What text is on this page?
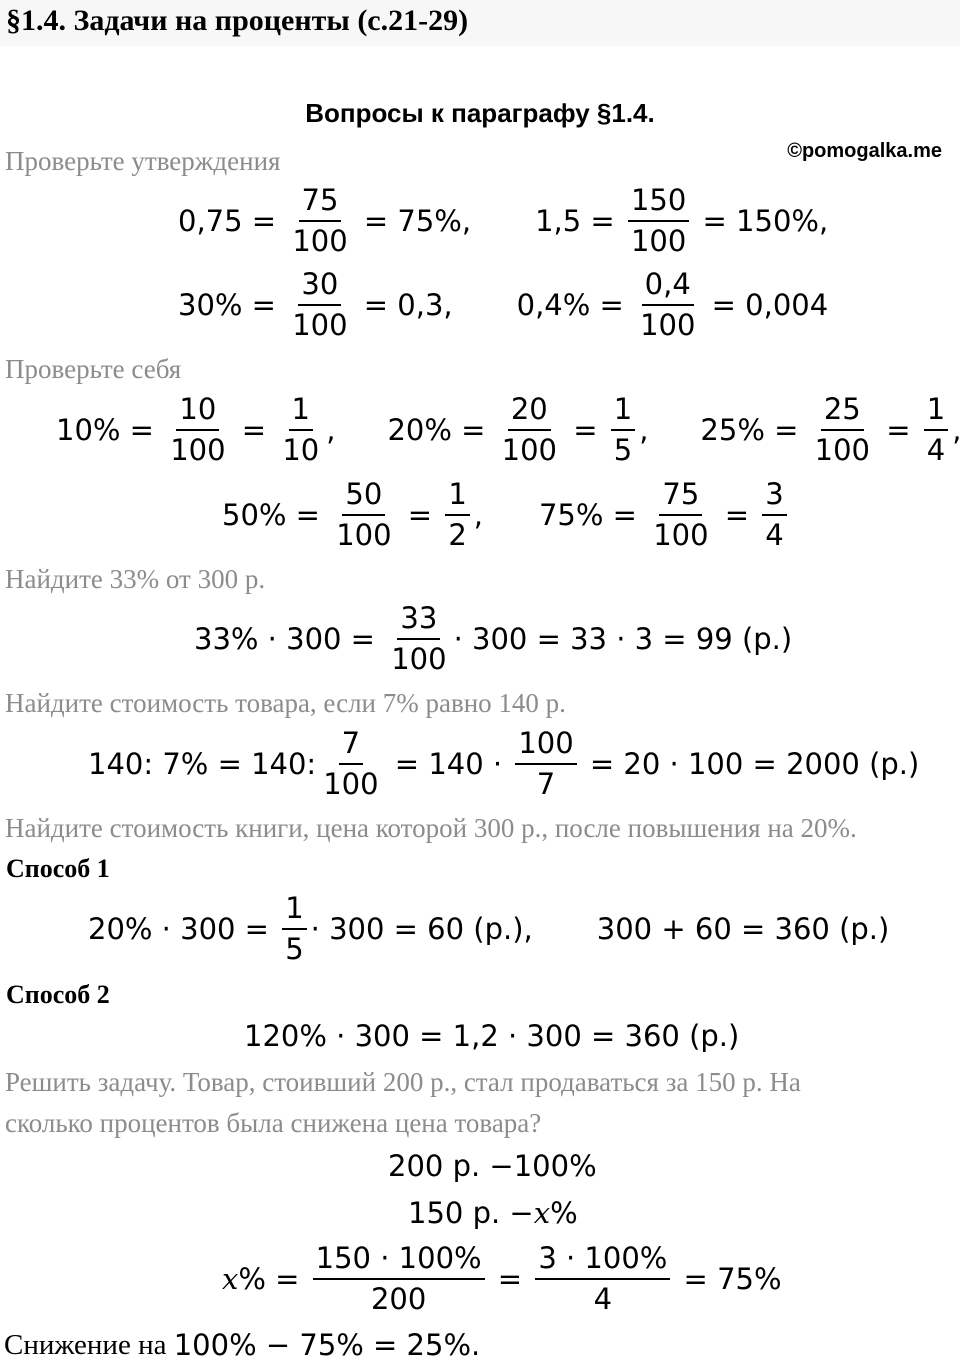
§1.4. Задачи на проценты (с.21-29)
Вопросы к параграфу §1.4.
©pomogalka.me
Проверьте утверждения
$0,75 = \frac{75}{100} = 75\%$, $1,5 = \frac{150}{100} = 150\%$,
$30\% = \frac{30}{100} = 0,3$, $0,4\% = \frac{0,4}{100} = 0,004$
Проверьте себя
$10\% = \frac{10}{100} = \frac{1}{10}$ , $20\% = \frac{20}{100} = \frac{1}{5}$ , $25\% = \frac{25}{100} = \frac{1}{4}$ ,
$50\% = \frac{50}{100} = \frac{1}{2}$ , $75\% = \frac{75}{100} = \frac{3}{4}$
Найдите 33% от 300 р.
$33\% \cdot 300 = \frac{33}{100} \cdot 300 = 33 \cdot 3 = 99$ (р.)
Найдите стоимость товара, если 7% равно 140 р.
140: 7% = 140: $\frac{7}{100} = 140 \cdot \frac{100}{7} = 20 \cdot 100 = 2000$ (р.)
Найдите стоимость книги, цена которой 300 р., после повышения на 20%.
Способ 1
$20\% \cdot 300 = \frac{1}{5} \cdot 300 = 60$ (р.), 300 + 60 = 360 (р.)
Способ 2
120% · 300 = 1,2 · 300 = 360 (р.)
Решить задачу. Товар, стоивший 200 р., стал продаваться за 150 р. На
сколько процентов была снижена цена товара?
200 р. −100%
150 р. − x %
x % = $\frac{150 \cdot 100\%}{200} = \frac{3 \cdot 100\%}{4} = 75\%$
Снижение на 100% − 75% = 25%.
